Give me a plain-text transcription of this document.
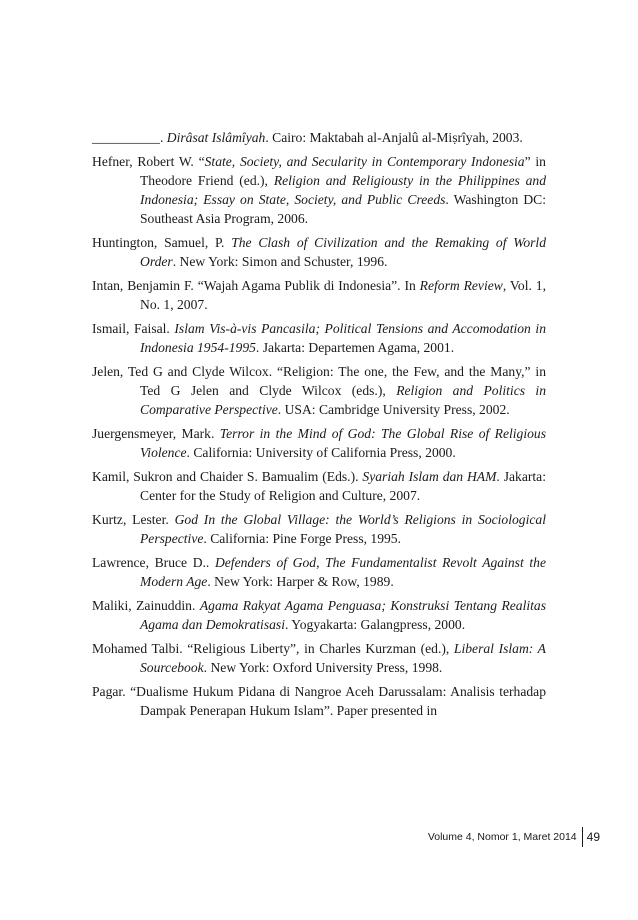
__________. Dirâsat Islâmîyah. Cairo: Maktabah al-Anjalû al-Miṣrîyah, 2003.

Hefner, Robert W. “State, Society, and Secularity in Contemporary Indonesia” in Theodore Friend (ed.), Religion and Religiousty in the Philippines and Indonesia; Essay on State, Society, and Public Creeds. Washington DC: Southeast Asia Program, 2006.

Huntington, Samuel, P. The Clash of Civilization and the Remaking of World Order. New York: Simon and Schuster, 1996.

Intan, Benjamin F. “Wajah Agama Publik di Indonesia”. In Reform Review, Vol. 1, No. 1, 2007.

Ismail, Faisal. Islam Vis-à-vis Pancasila; Political Tensions and Accomodation in Indonesia 1954-1995. Jakarta: Departemen Agama, 2001.

Jelen, Ted G and Clyde Wilcox. “Religion: The one, the Few, and the Many,” in Ted G Jelen and Clyde Wilcox (eds.), Religion and Politics in Comparative Perspective. USA: Cambridge University Press, 2002.

Juergensmeyer, Mark. Terror in the Mind of God: The Global Rise of Religious Violence. California: University of California Press, 2000.

Kamil, Sukron and Chaider S. Bamualim (Eds.). Syariah Islam dan HAM. Jakarta: Center for the Study of Religion and Culture, 2007.

Kurtz, Lester. God In the Global Village: the World’s Religions in Sociological Perspective. California: Pine Forge Press, 1995.

Lawrence, Bruce D.. Defenders of God, The Fundamentalist Revolt Against the Modern Age. New York: Harper & Row, 1989.

Maliki, Zainuddin. Agama Rakyat Agama Penguasa; Konstruksi Tentang Realitas Agama dan Demokratisasi. Yogyakarta: Galangpress, 2000.

Mohamed Talbi. “Religious Liberty”, in Charles Kurzman (ed.), Liberal Islam: A Sourcebook. New York: Oxford University Press, 1998.

Pagar. “Dualisme Hukum Pidana di Nangroe Aceh Darussalam: Analisis terhadap Dampak Penerapan Hukum Islam”. Paper presented in

Volume 4, Nomor 1, Maret 2014 49
